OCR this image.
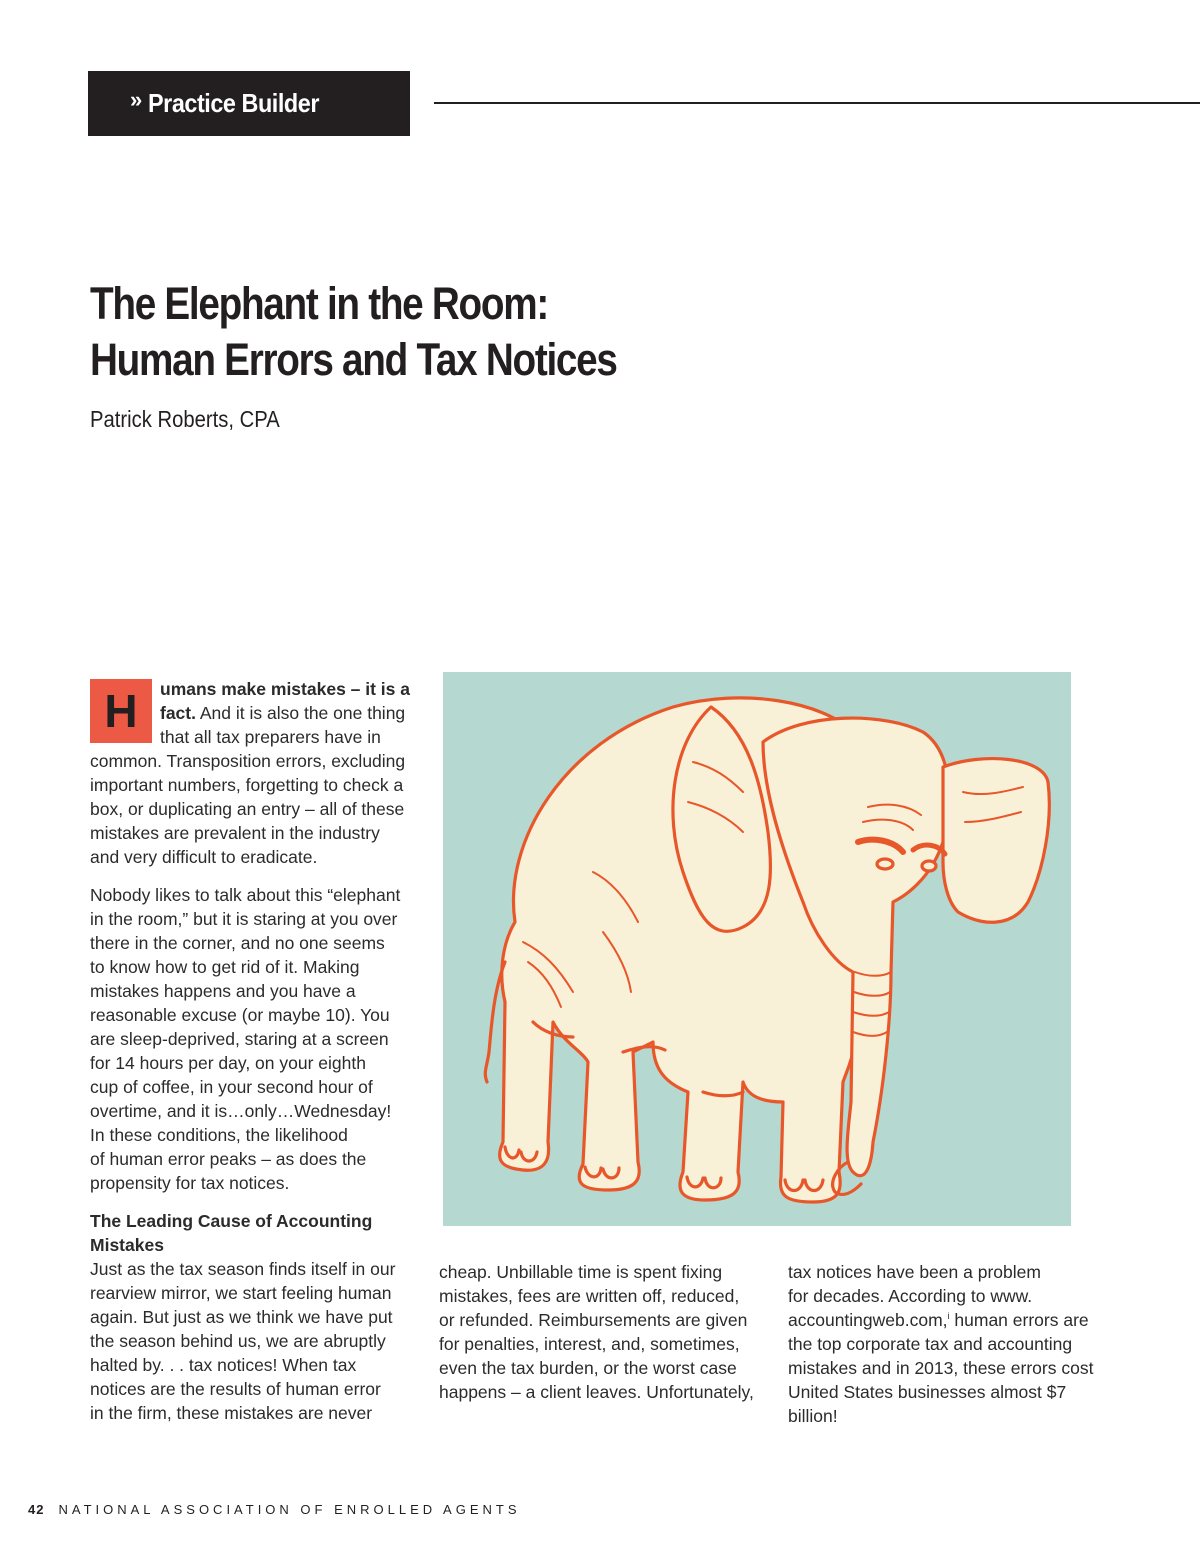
» Practice Builder
The Elephant in the Room:
Human Errors and Tax Notices
Patrick Roberts, CPA

H	umans make mistakes – it is a
fact. And it is also the one thing
that all tax preparers have in
common. Transposition errors, excluding
important numbers, forgetting to check a
box, or duplicating an entry – all of these
mistakes are prevalent in the industry
and very difficult to eradicate.

Nobody likes to talk about this “elephant
in the room,” but it is staring at you over
there in the corner, and no one seems
to know how to get rid of it. Making
mistakes happens and you have a
reasonable excuse (or maybe 10). You
are sleep-deprived, staring at a screen
for 14 hours per day, on your eighth
cup of coffee, in your second hour of
overtime, and it is…only…Wednesday!
In these conditions, the likelihood
of human error peaks – as does the
propensity for tax notices.

The Leading Cause of Accounting
Mistakes
Just as the tax season finds itself in our
rearview mirror, we start feeling human
again. But just as we think we have put
the season behind us, we are abruptly
halted by. . . tax notices! When tax
notices are the results of human error
in the firm, these mistakes are never
cheap. Unbillable time is spent fixing
mistakes, fees are written off, reduced,
or refunded. Reimbursements are given
for penalties, interest, and, sometimes,
even the tax burden, or the worst case
happens – a client leaves. Unfortunately,
tax notices have been a problem
for decades. According to www.
accountingweb.com,$^i$ human errors are
the top corporate tax and accounting
mistakes and in 2013, these errors cost
United States businesses almost $7
billion!
42 NATIONAL ASSOCIATION OF ENROLLED AGENTS
